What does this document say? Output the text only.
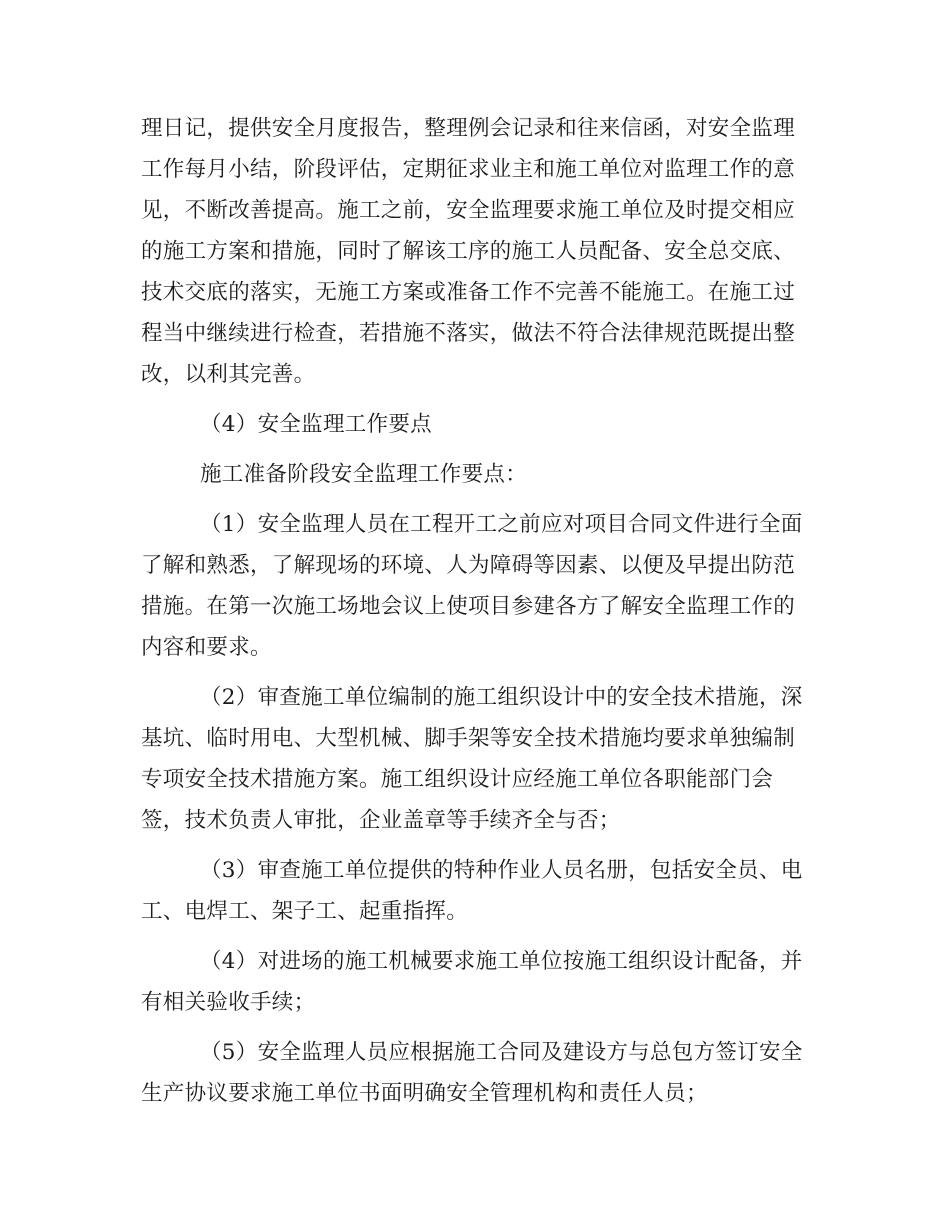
理日记，提供安全月度报告，整理例会记录和往来信函，对安全监理
工作每月小结，阶段评估，定期征求业主和施工单位对监理工作的意
见，不断改善提高。施工之前，安全监理要求施工单位及时提交相应
的施工方案和措施，同时了解该工序的施工人员配备、安全总交底、
技术交底的落实，无施工方案或准备工作不完善不能施工。在施工过
程当中继续进行检查，若措施不落实，做法不符合法律规范既提出整
改，以利其完善。
（4）安全监理工作要点
施工准备阶段安全监理工作要点：
（1）安全监理人员在工程开工之前应对项目合同文件进行全面
了解和熟悉，了解现场的环境、人为障碍等因素、以便及早提出防范
措施。在第一次施工场地会议上使项目参建各方了解安全监理工作的
内容和要求。
（2）审查施工单位编制的施工组织设计中的安全技术措施，深
基坑、临时用电、大型机械、脚手架等安全技术措施均要求单独编制
专项安全技术措施方案。施工组织设计应经施工单位各职能部门会
签，技术负责人审批，企业盖章等手续齐全与否；
（3）审查施工单位提供的特种作业人员名册，包括安全员、电
工、电焊工、架子工、起重指挥。
（4）对进场的施工机械要求施工单位按施工组织设计配备，并
有相关验收手续；
（5）安全监理人员应根据施工合同及建设方与总包方签订安全
生产协议要求施工单位书面明确安全管理机构和责任人员；
